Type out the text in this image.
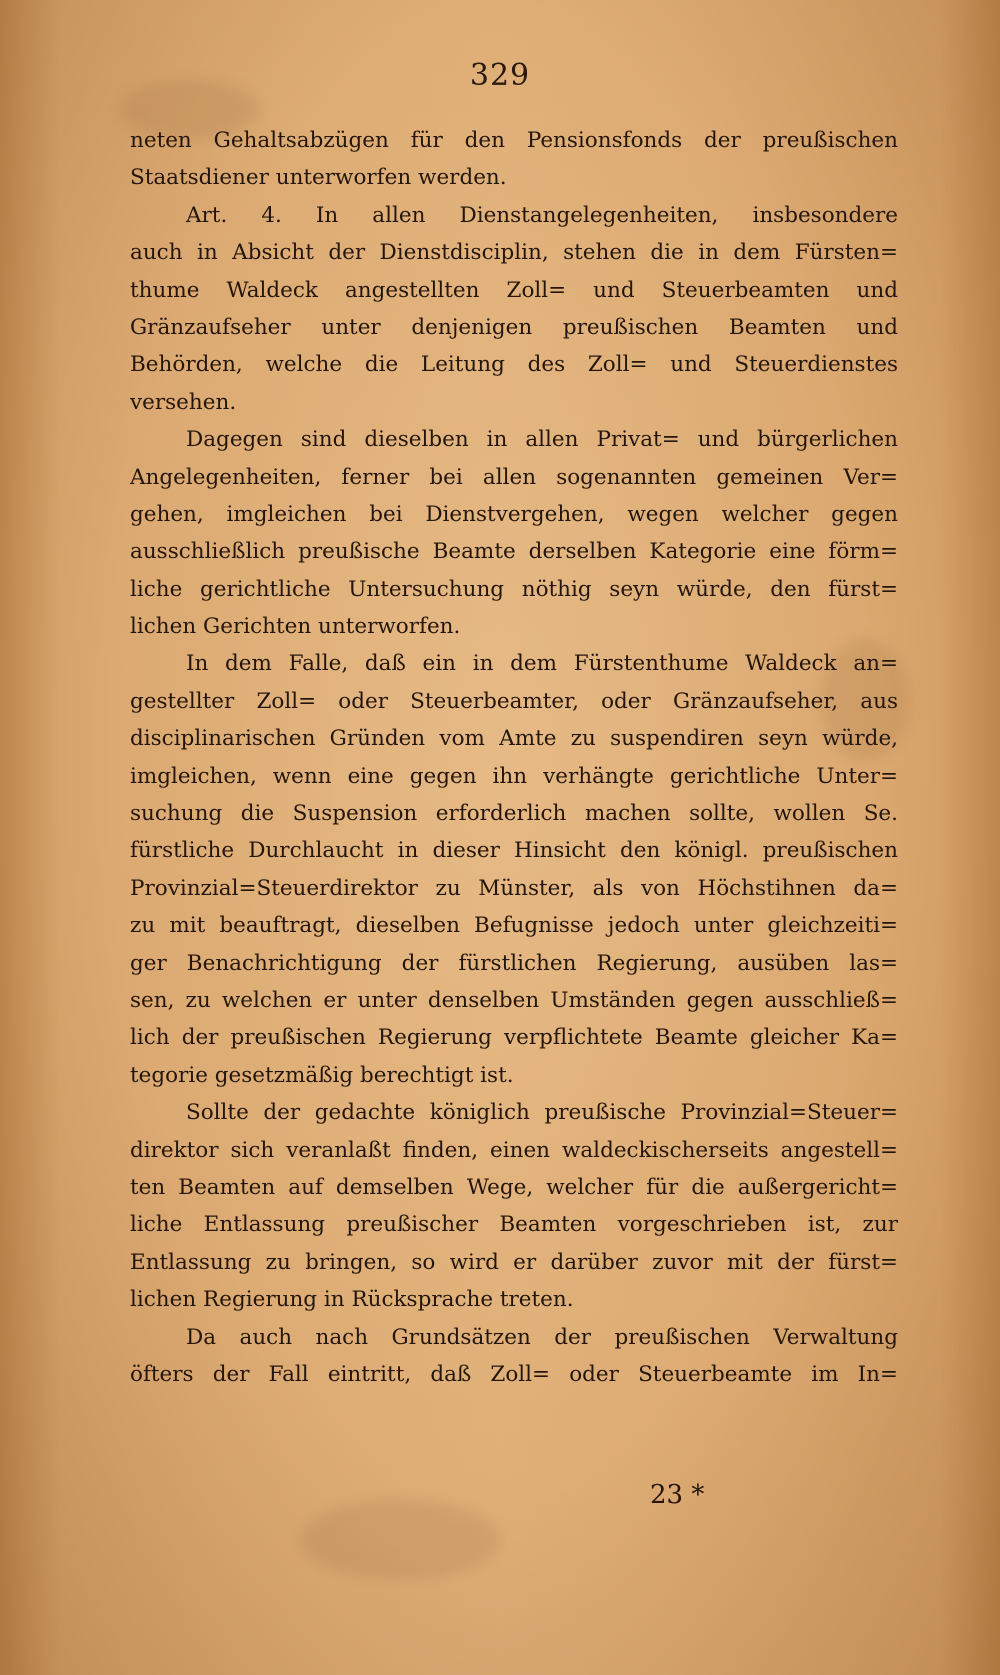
329
neten Gehaltsabzügen für den Pensionsfonds der preußischen
Staatsdiener unterworfen werden.
Art. 4. In allen Dienstangelegenheiten, insbesondere
auch in Absicht der Dienstdisciplin, stehen die in dem Fürsten=
thume Waldeck angestellten Zoll= und Steuerbeamten und
Gränzaufseher unter denjenigen preußischen Beamten und
Behörden, welche die Leitung des Zoll= und Steuerdienstes
versehen.
Dagegen sind dieselben in allen Privat= und bürgerlichen
Angelegenheiten, ferner bei allen sogenannten gemeinen Ver=
gehen, imgleichen bei Dienstvergehen, wegen welcher gegen
ausschließlich preußische Beamte derselben Kategorie eine förm=
liche gerichtliche Untersuchung nöthig seyn würde, den fürst=
lichen Gerichten unterworfen.
In dem Falle, daß ein in dem Fürstenthume Waldeck an=
gestellter Zoll= oder Steuerbeamter, oder Gränzaufseher, aus
disciplinarischen Gründen vom Amte zu suspendiren seyn würde,
imgleichen, wenn eine gegen ihn verhängte gerichtliche Unter=
suchung die Suspension erforderlich machen sollte, wollen Se.
fürstliche Durchlaucht in dieser Hinsicht den königl. preußischen
Provinzial=Steuerdirektor zu Münster, als von Höchstihnen da=
zu mit beauftragt, dieselben Befugnisse jedoch unter gleichzeiti=
ger Benachrichtigung der fürstlichen Regierung, ausüben las=
sen, zu welchen er unter denselben Umständen gegen ausschließ=
lich der preußischen Regierung verpflichtete Beamte gleicher Ka=
tegorie gesetzmäßig berechtigt ist.
Sollte der gedachte königlich preußische Provinzial=Steuer=
direktor sich veranlaßt finden, einen waldeckischerseits angestell=
ten Beamten auf demselben Wege, welcher für die außergericht=
liche Entlassung preußischer Beamten vorgeschrieben ist, zur
Entlassung zu bringen, so wird er darüber zuvor mit der fürst=
lichen Regierung in Rücksprache treten.
Da auch nach Grundsätzen der preußischen Verwaltung
öfters der Fall eintritt, daß Zoll= oder Steuerbeamte im In=
23 *
